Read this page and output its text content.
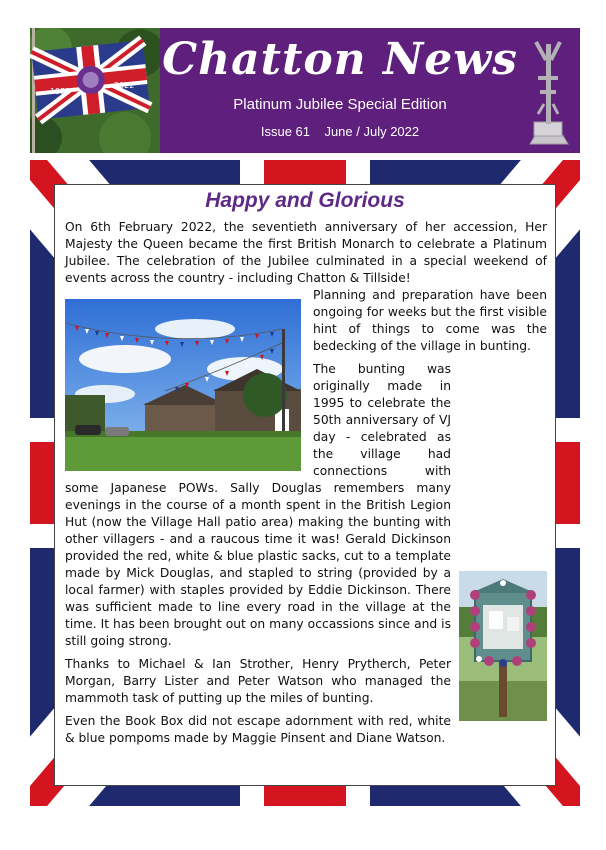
1952
2022
Chatton News
Platinum Jubilee Special Edition
Issue 61    June / July 2022
Happy and Glorious

On 6th February 2022, the seventieth anniversary of her accession, Her Majesty the Queen became the first British Monarch to celebrate a Platinum Jubilee. The celebration of the Jubilee culminated in a special weekend of events across the country - including Chatton & Tillside!

Planning and preparation have been ongoing for weeks but the first visible hint of things to come was the bedecking of the village in bunting.

The bunting was originally made in 1995 to celebrate the 50th anniversary of VJ day - celebrated as the village had connections with some Japanese POWs. Sally Douglas remembers many evenings in the course of a month spent in the British Legion Hut (now the Village Hall patio area) making the bunting with other villagers - and a raucous time it was! Gerald Dickinson provided the red, white & blue plastic sacks, cut to a template made by Mick Douglas, and stapled to string (provided by a local farmer) with staples provided by Eddie Dickinson. There was sufficient made to line every road in the village at the time. It has been brought out on many occassions since and is still going strong.

Thanks to Michael & Ian Strother, Henry Prytherch, Peter Morgan, Barry Lister and Peter Watson who managed the mammoth task of putting up the miles of bunting.

Even the Book Box did not escape adornment with red, white & blue pompoms made by Maggie Pinsent and Diane Watson.
